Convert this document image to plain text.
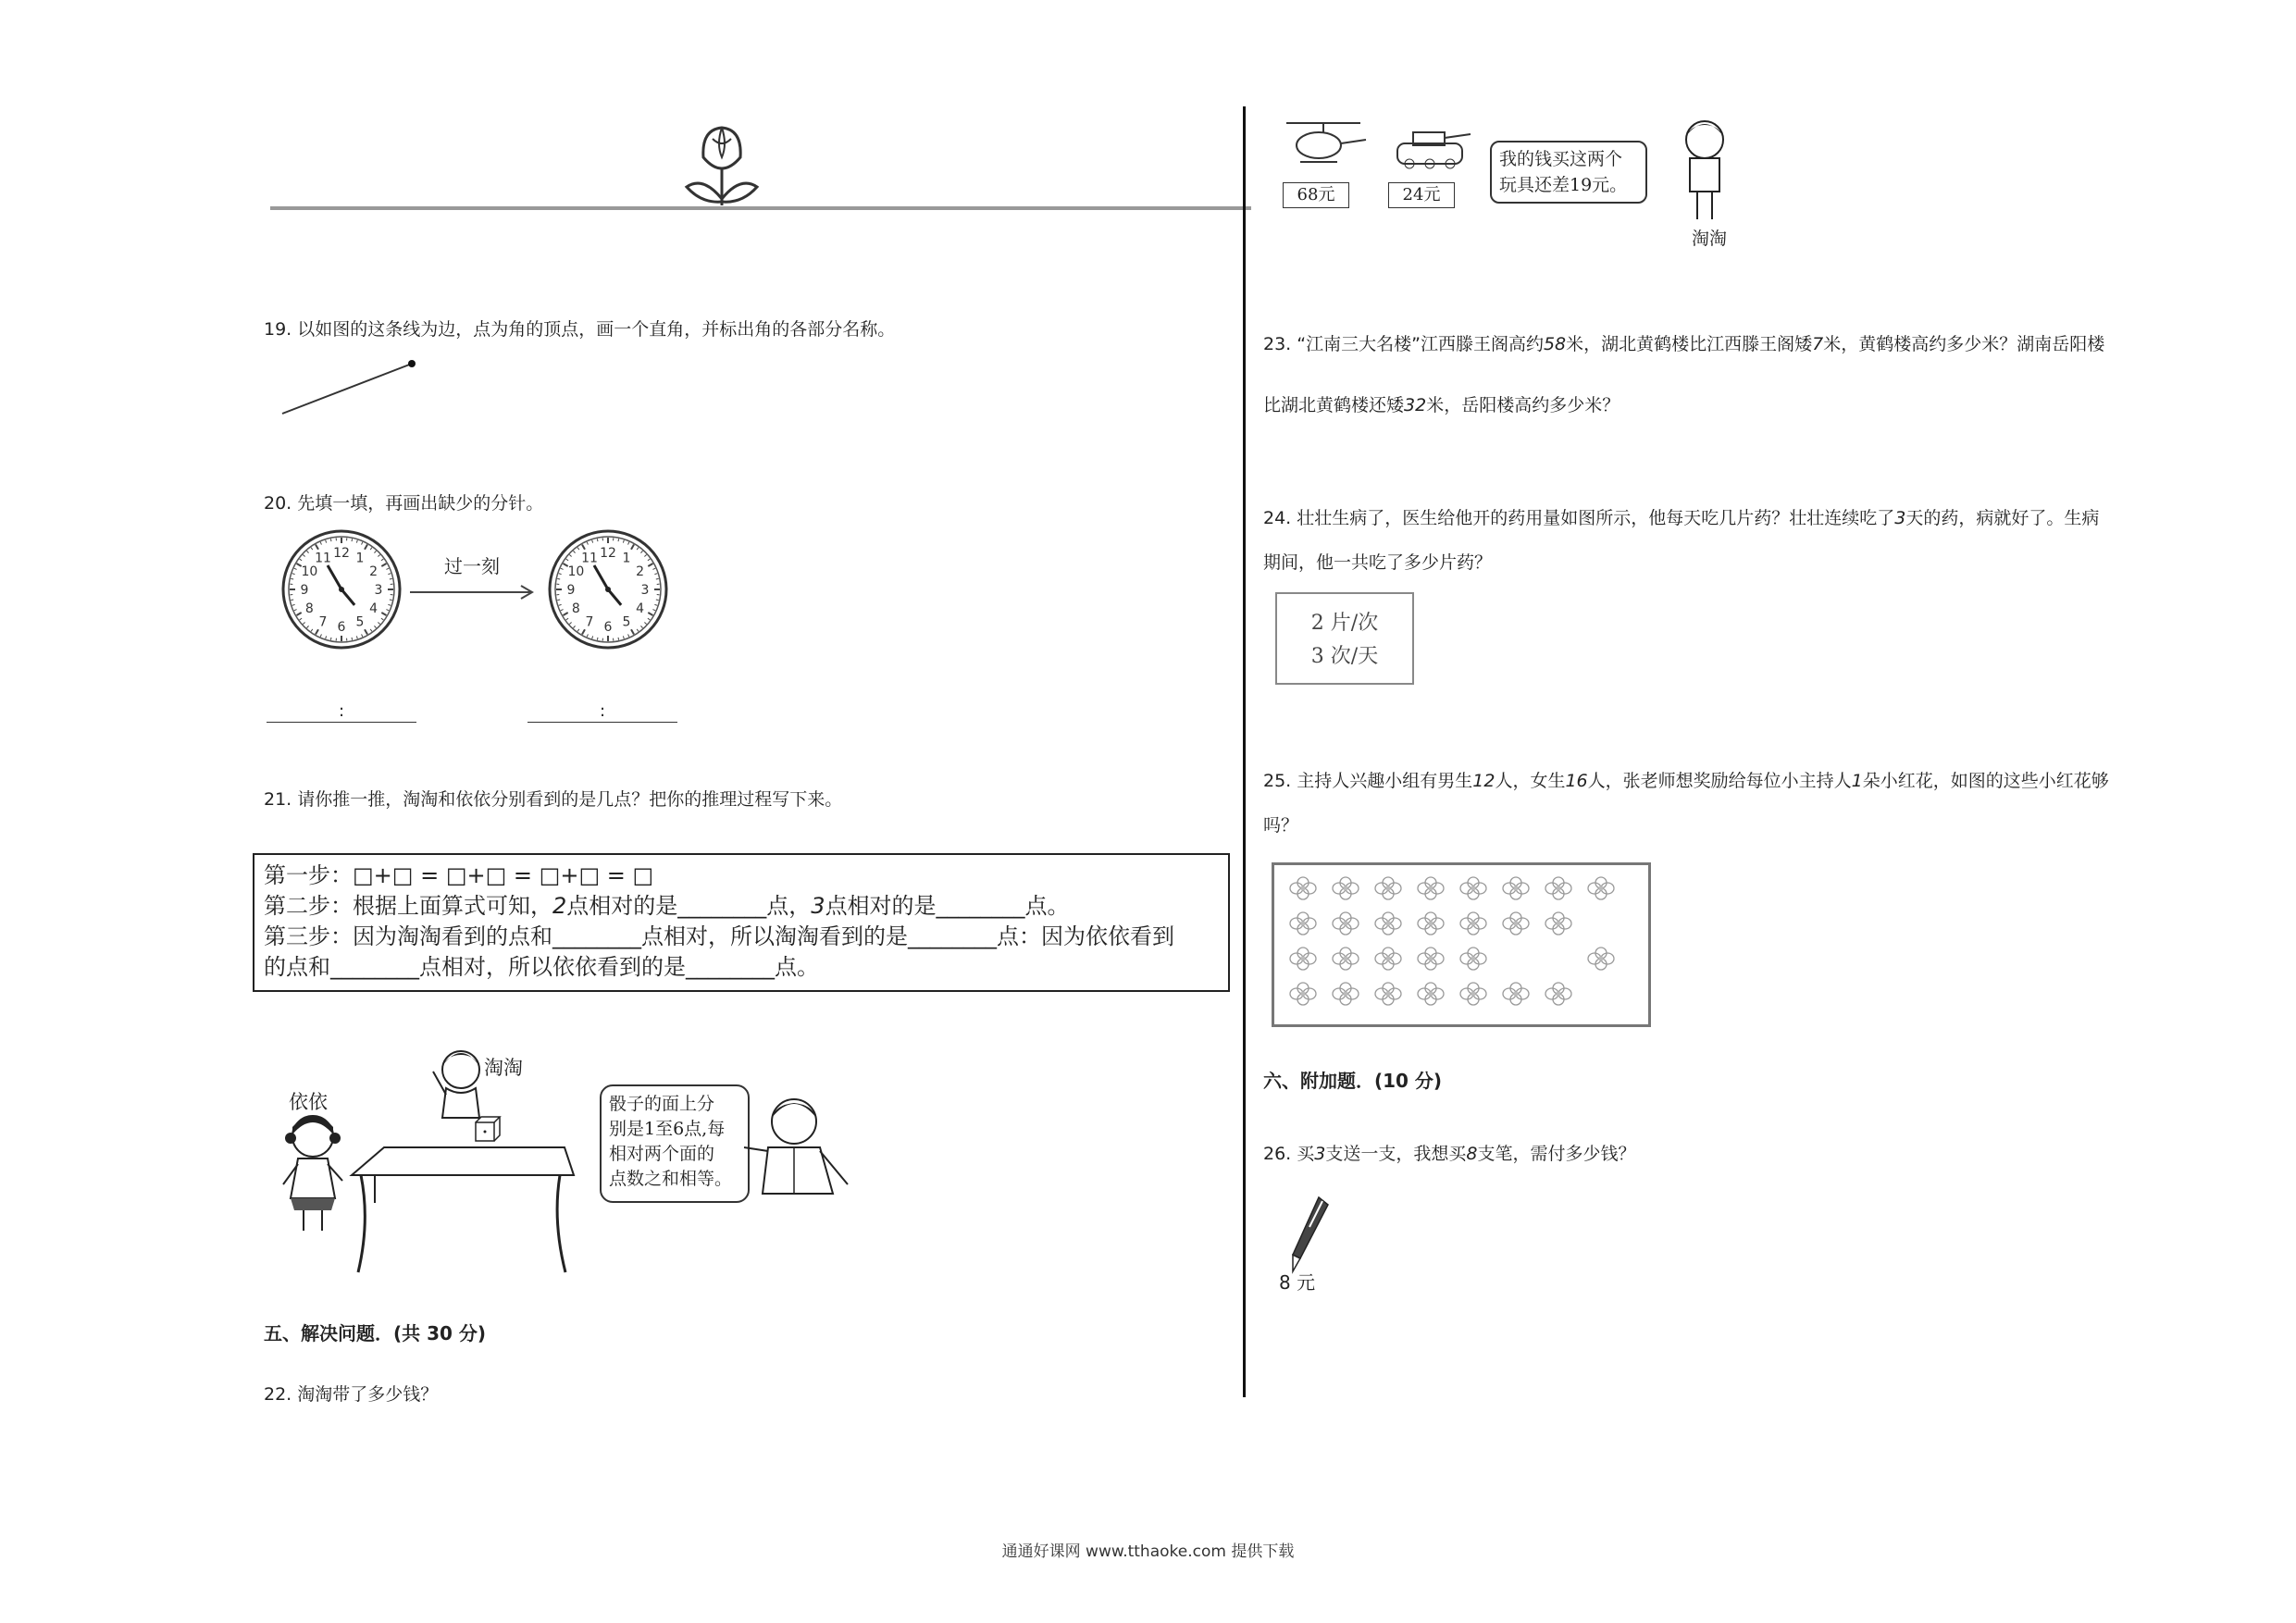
19. 以如图的这条线为边，点为角的顶点，画一个直角，并标出角的各部分名称。
20. 先填一填，再画出缺少的分针。
12 1
2
3
4
5
6
7
8
9
10
11	12 1
2
3
4
5
6
7
8
9
10
11
过一刻
:	:
21. 请你推一推，淘淘和依依分别看到的是几点？把你的推理过程写下来。
第一步：□+□ = □+□ = □+□ = □
第二步：根据上面算式可知，2点相对的是________点，3点相对的是________点。
第三步：因为淘淘看到的点和________点相对，所以淘淘看到的是________点：因为依依看到
的点和________点相对，所以依依看到的是________点。
依依
淘淘
骰子的面上分
别是1至6点,每
相对两个面的
点数之和相等。
五、解决问题．(共 30 分)
22. 淘淘带了多少钱？
68元	24元
我的钱买这两个
玩具还差19元。
淘淘
23. “江南三大名楼”江西滕王阁高约58米，湖北黄鹤楼比江西滕王阁矮7米，黄鹤楼高约多少米？湖南岳阳楼
比湖北黄鹤楼还矮32米，岳阳楼高约多少米？
24. 壮壮生病了，医生给他开的药用量如图所示，他每天吃几片药？壮壮连续吃了3天的药，病就好了。生病
期间，他一共吃了多少片药？
2 片/次
3 次/天
25. 主持人兴趣小组有男生12人，女生16人，张老师想奖励给每位小主持人1朵小红花，如图的这些小红花够
吗？
六、附加题．(10 分)
26. 买3支送一支，我想买8支笔，需付多少钱？
8 元
通通好课网 www.tthaoke.com 提供下载
